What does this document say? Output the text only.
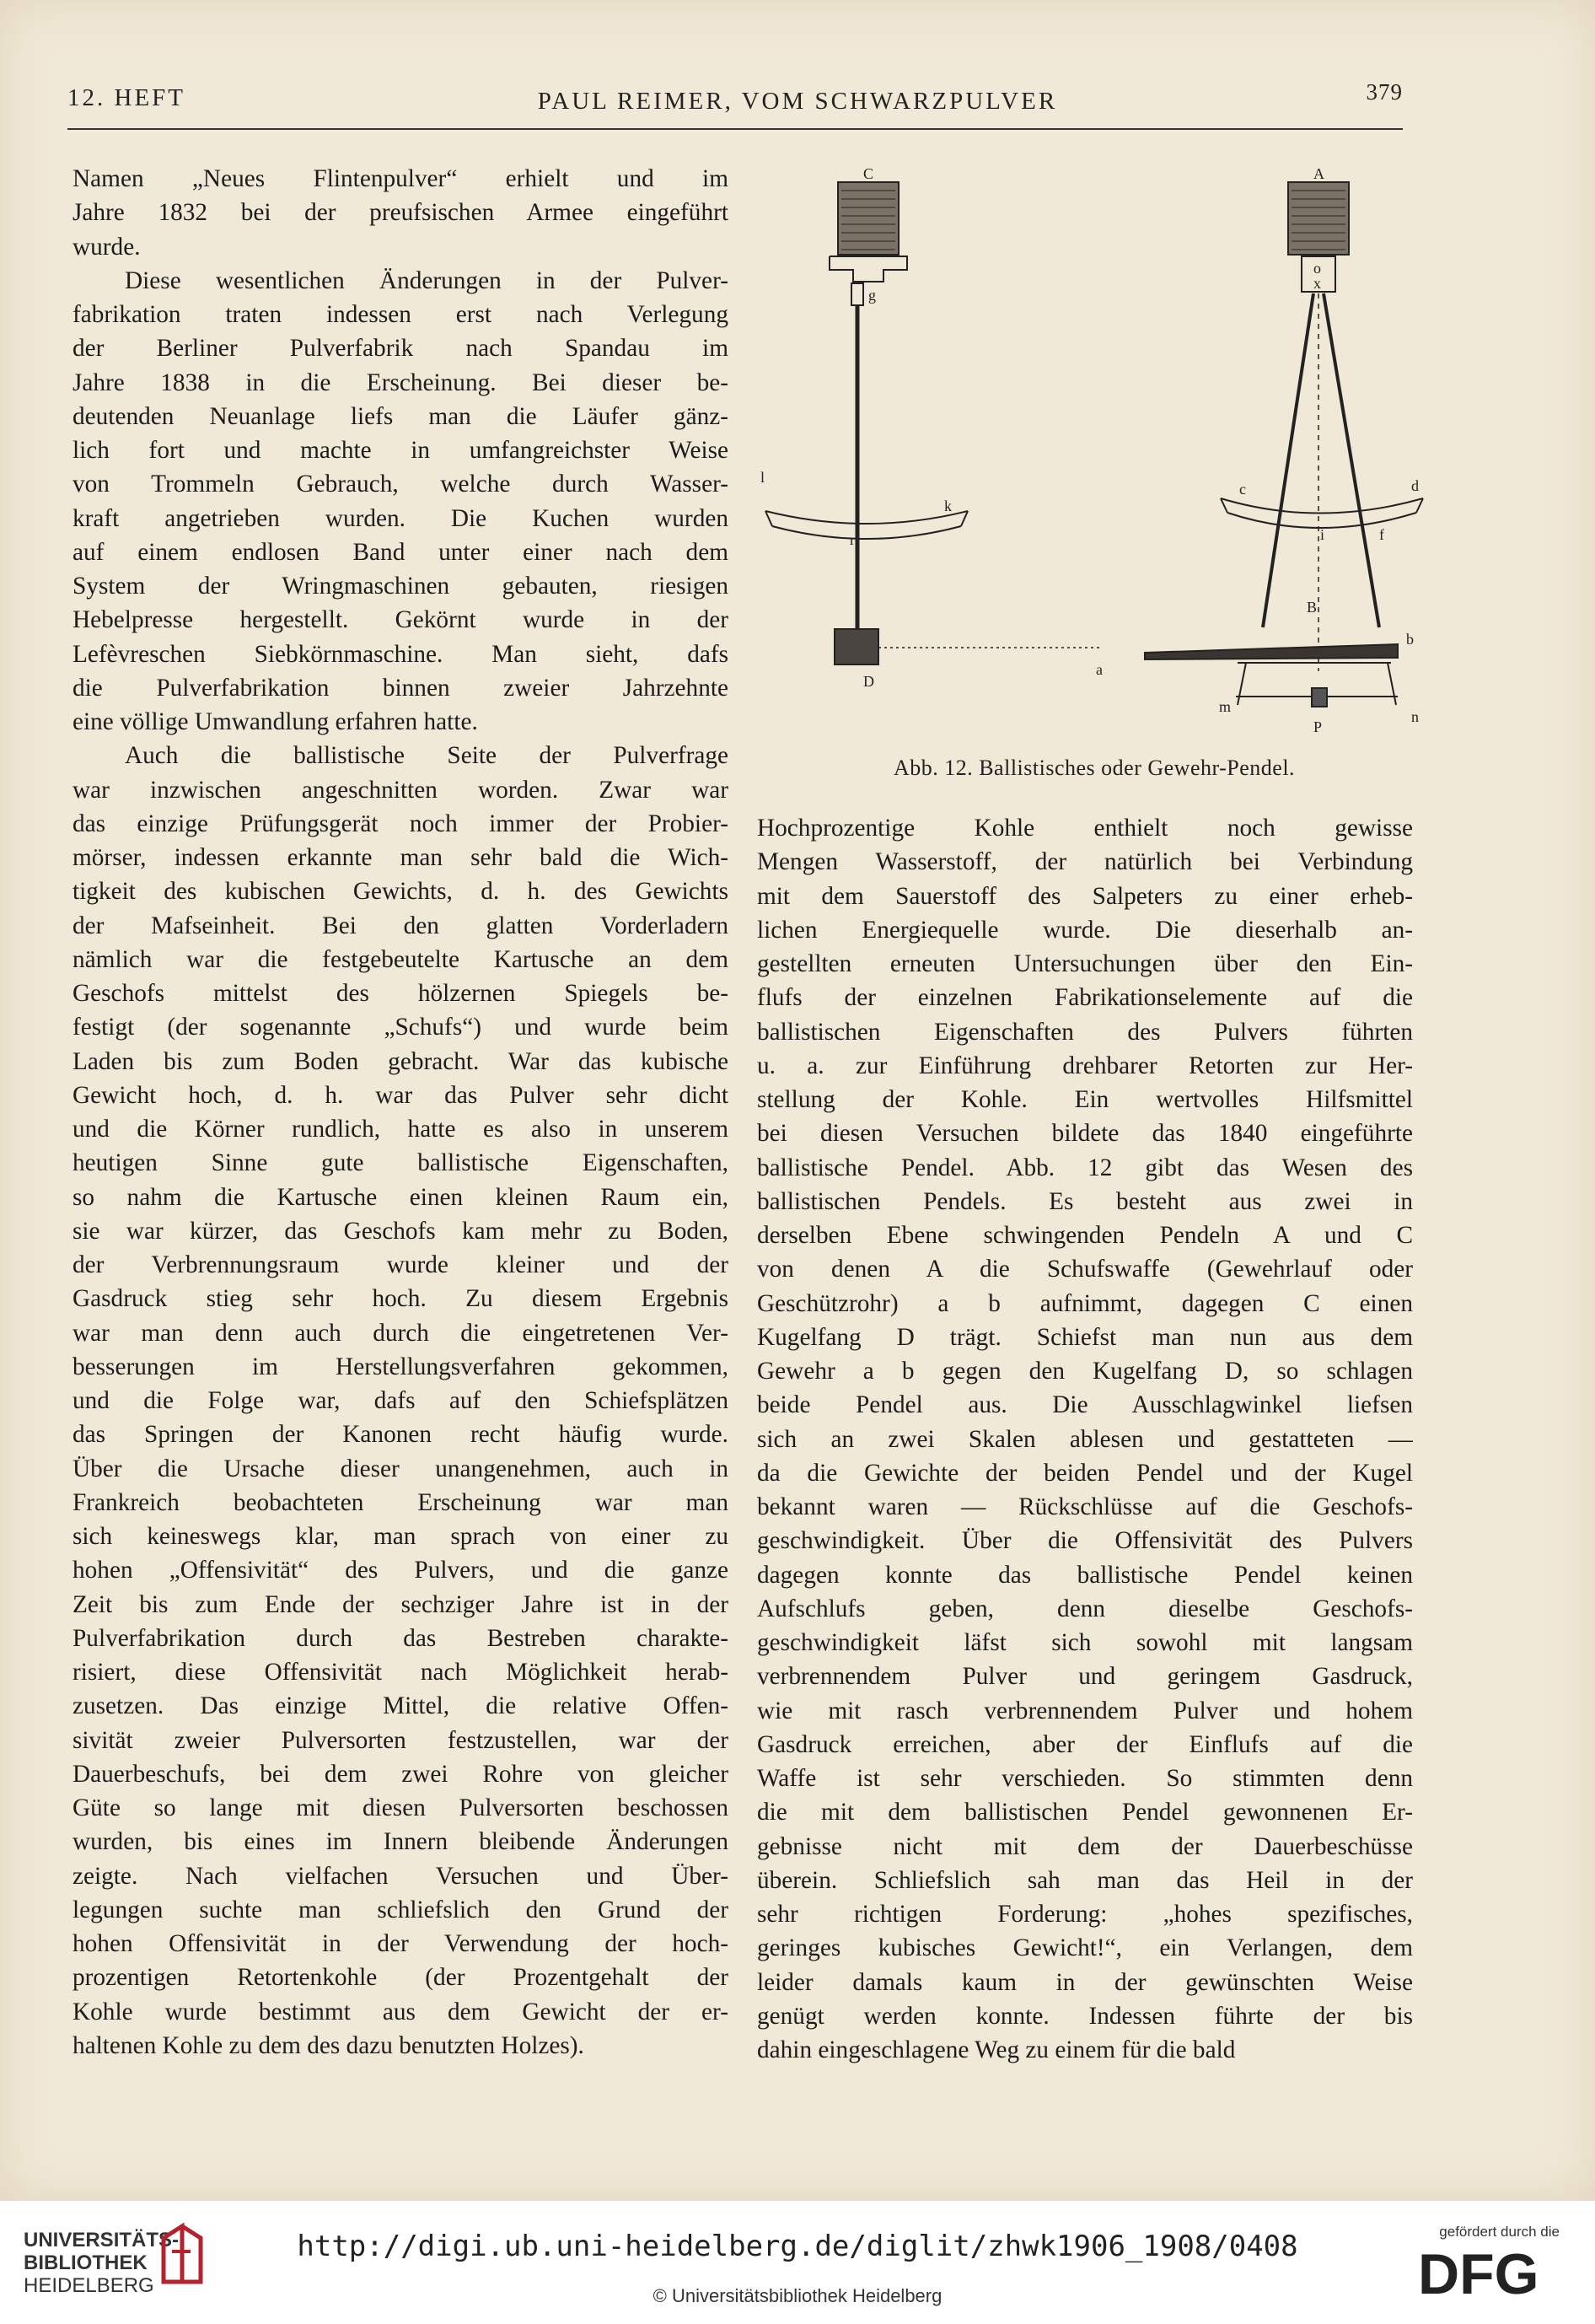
12. HEFT	PAUL REIMER, VOM SCHWARZPULVER	379
Namen „Neues Flintenpulver“ erhielt und im
Jahre 1832 bei der preufsischen Armee eingeführt
wurde.
Diese wesentlichen Änderungen in der Pulver-
fabrikation traten indessen erst nach Verlegung
der Berliner Pulverfabrik nach Spandau im
Jahre 1838 in die Erscheinung. Bei dieser be-
deutenden Neuanlage liefs man die Läufer gänz-
lich fort und machte in umfangreichster Weise
von Trommeln Gebrauch, welche durch Wasser-
kraft angetrieben wurden. Die Kuchen wurden
auf einem endlosen Band unter einer nach dem
System der Wringmaschinen gebauten, riesigen
Hebelpresse hergestellt. Gekörnt wurde in der
Lefèvreschen Siebkörnmaschine. Man sieht, dafs
die Pulverfabrikation binnen zweier Jahrzehnte
eine völlige Umwandlung erfahren hatte.
Auch die ballistische Seite der Pulverfrage
war inzwischen angeschnitten worden. Zwar war
das einzige Prüfungsgerät noch immer der Probier-
mörser, indessen erkannte man sehr bald die Wich-
tigkeit des kubischen Gewichts, d. h. des Gewichts
der Mafseinheit. Bei den glatten Vorderladern
nämlich war die festgebeutelte Kartusche an dem
Geschofs mittelst des hölzernen Spiegels be-
festigt (der sogenannte „Schufs“) und wurde beim
Laden bis zum Boden gebracht. War das kubische
Gewicht hoch, d. h. war das Pulver sehr dicht
und die Körner rundlich, hatte es also in unserem
heutigen Sinne gute ballistische Eigenschaften,
so nahm die Kartusche einen kleinen Raum ein,
sie war kürzer, das Geschofs kam mehr zu Boden,
der Verbrennungsraum wurde kleiner und der
Gasdruck stieg sehr hoch. Zu diesem Ergebnis
war man denn auch durch die eingetretenen Ver-
besserungen im Herstellungsverfahren gekommen,
und die Folge war, dafs auf den Schiefsplätzen
das Springen der Kanonen recht häufig wurde.
Über die Ursache dieser unangenehmen, auch in
Frankreich beobachteten Erscheinung war man
sich keineswegs klar, man sprach von einer zu
hohen „Offensivität“ des Pulvers, und die ganze
Zeit bis zum Ende der sechziger Jahre ist in der
Pulverfabrikation durch das Bestreben charakte-
risiert, diese Offensivität nach Möglichkeit herab-
zusetzen. Das einzige Mittel, die relative Offen-
sivität zweier Pulversorten festzustellen, war der
Dauerbeschufs, bei dem zwei Rohre von gleicher
Güte so lange mit diesen Pulversorten beschossen
wurden, bis eines im Innern bleibende Änderungen
zeigte. Nach vielfachen Versuchen und Über-
legungen suchte man schliefslich den Grund der
hohen Offensivität in der Verwendung der hoch-
prozentigen Retortenkohle (der Prozentgehalt der
Kohle wurde bestimmt aus dem Gewicht der er-
haltenen Kohle zu dem des dazu benutzten Holzes).
C	A
g
o
x
l
k
r
c	d
i	f
B
b
a
D
m
n
P
Abb. 12. Ballistisches oder Gewehr-Pendel.
Hochprozentige Kohle enthielt noch gewisse
Mengen Wasserstoff, der natürlich bei Verbindung
mit dem Sauerstoff des Salpeters zu einer erheb-
lichen Energiequelle wurde. Die dieserhalb an-
gestellten erneuten Untersuchungen über den Ein-
flufs der einzelnen Fabrikationselemente auf die
ballistischen Eigenschaften des Pulvers führten
u. a. zur Einführung drehbarer Retorten zur Her-
stellung der Kohle. Ein wertvolles Hilfsmittel
bei diesen Versuchen bildete das 1840 eingeführte
ballistische Pendel. Abb. 12 gibt das Wesen des
ballistischen Pendels. Es besteht aus zwei in
derselben Ebene schwingenden Pendeln A und C
von denen A die Schufswaffe (Gewehrlauf oder
Geschützrohr) a b aufnimmt, dagegen C einen
Kugelfang D trägt. Schiefst man nun aus dem
Gewehr a b gegen den Kugelfang D, so schlagen
beide Pendel aus. Die Ausschlagwinkel liefsen
sich an zwei Skalen ablesen und gestatteten —
da die Gewichte der beiden Pendel und der Kugel
bekannt waren — Rückschlüsse auf die Geschofs-
geschwindigkeit. Über die Offensivität des Pulvers
dagegen konnte das ballistische Pendel keinen
Aufschlufs geben, denn dieselbe Geschofs-
geschwindigkeit läfst sich sowohl mit langsam
verbrennendem Pulver und geringem Gasdruck,
wie mit rasch verbrennendem Pulver und hohem
Gasdruck erreichen, aber der Einflufs auf die
Waffe ist sehr verschieden. So stimmten denn
die mit dem ballistischen Pendel gewonnenen Er-
gebnisse nicht mit dem der Dauerbeschüsse
überein. Schliefslich sah man das Heil in der
sehr richtigen Forderung: „hohes spezifisches,
geringes kubisches Gewicht!“, ein Verlangen, dem
leider damals kaum in der gewünschten Weise
genügt werden konnte. Indessen führte der bis
dahin eingeschlagene Weg zu einem für die bald
UNIVERSITÄTS-
BIBLIOTHEK
HEIDELBERG
http://digi.ub.uni-heidelberg.de/diglit/zhwk1906_1908/0408
© Universitätsbibliothek Heidelberg
gefördert durch die
DFG
